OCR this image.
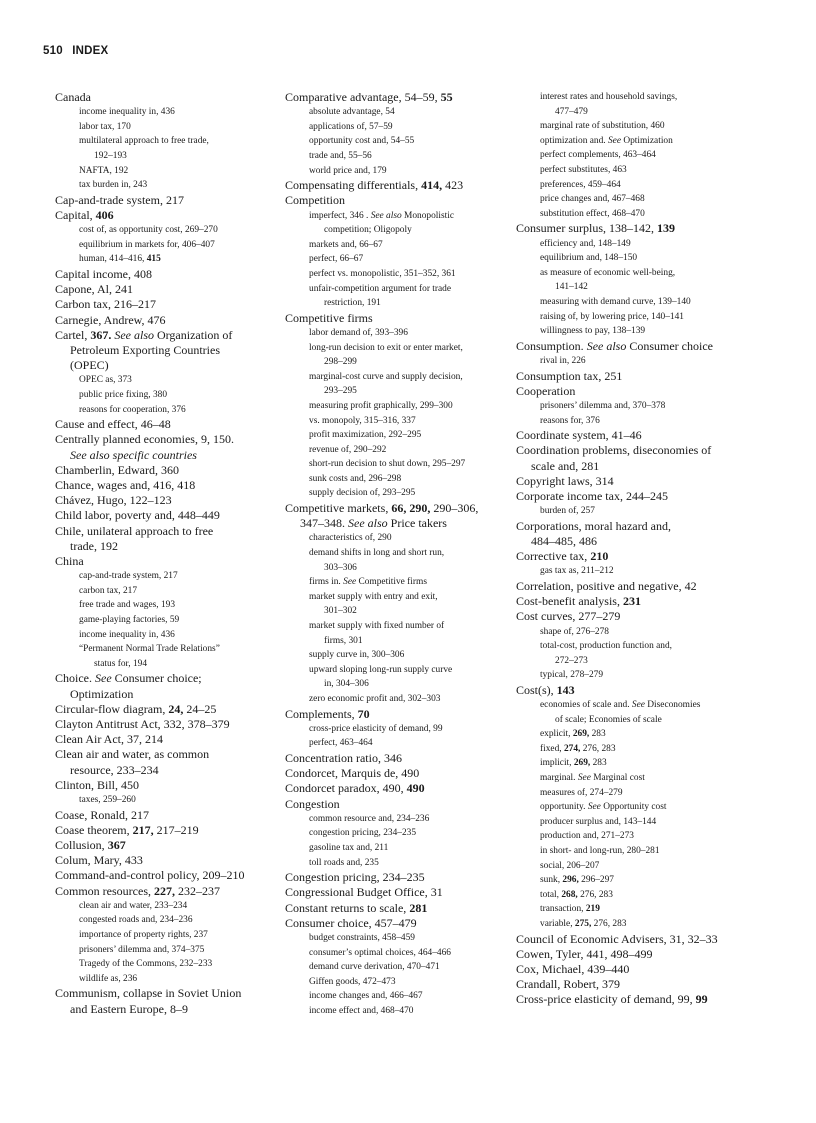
510 INDEX
Canada
income inequality in, 436
labor tax, 170
multilateral approach to free trade,
192–193
NAFTA, 192
tax burden in, 243
Cap-and-trade system, 217
Capital, 406
cost of, as opportunity cost, 269–270
equilibrium in markets for, 406–407
human, 414–416, 415
Capital income, 408
Capone, Al, 241
Carbon tax, 216–217
Carnegie, Andrew, 476
Cartel, 367. See also Organization of
Petroleum Exporting Countries
(OPEC)
OPEC as, 373
public price fixing, 380
reasons for cooperation, 376
Cause and effect, 46–48
Centrally planned economies, 9, 150.
See also specific countries
Chamberlin, Edward, 360
Chance, wages and, 416, 418
Chávez, Hugo, 122–123
Child labor, poverty and, 448–449
Chile, unilateral approach to free
trade, 192
China
cap-and-trade system, 217
carbon tax, 217
free trade and wages, 193
game-playing factories, 59
income inequality in, 436
“Permanent Normal Trade Relations”
status for, 194
Choice. See Consumer choice;
Optimization
Circular-flow diagram, 24, 24–25
Clayton Antitrust Act, 332, 378–379
Clean Air Act, 37, 214
Clean air and water, as common
resource, 233–234
Clinton, Bill, 450
taxes, 259–260
Coase, Ronald, 217
Coase theorem, 217, 217–219
Collusion, 367
Colum, Mary, 433
Command-and-control policy, 209–210
Common resources, 227, 232–237
clean air and water, 233–234
congested roads and, 234–236
importance of property rights, 237
prisoners’ dilemma and, 374–375
Tragedy of the Commons, 232–233
wildlife as, 236
Communism, collapse in Soviet Union
and Eastern Europe, 8–9
Comparative advantage, 54–59, 55
absolute advantage, 54
applications of, 57–59
opportunity cost and, 54–55
trade and, 55–56
world price and, 179
Compensating differentials, 414, 423
Competition
imperfect, 346 . See also Monopolistic
competition; Oligopoly
markets and, 66–67
perfect, 66–67
perfect vs. monopolistic, 351–352, 361
unfair-competition argument for trade
restriction, 191
Competitive firms
labor demand of, 393–396
long-run decision to exit or enter market,
298–299
marginal-cost curve and supply decision,
293–295
measuring profit graphically, 299–300
vs. monopoly, 315–316, 337
profit maximization, 292–295
revenue of, 290–292
short-run decision to shut down, 295–297
sunk costs and, 296–298
supply decision of, 293–295
Competitive markets, 66, 290, 290–306,
347–348. See also Price takers
characteristics of, 290
demand shifts in long and short run,
303–306
firms in. See Competitive firms
market supply with entry and exit,
301–302
market supply with fixed number of
firms, 301
supply curve in, 300–306
upward sloping long-run supply curve
in, 304–306
zero economic profit and, 302–303
Complements, 70
cross-price elasticity of demand, 99
perfect, 463–464
Concentration ratio, 346
Condorcet, Marquis de, 490
Condorcet paradox, 490, 490
Congestion
common resource and, 234–236
congestion pricing, 234–235
gasoline tax and, 211
toll roads and, 235
Congestion pricing, 234–235
Congressional Budget Office, 31
Constant returns to scale, 281
Consumer choice, 457–479
budget constraints, 458–459
consumer’s optimal choices, 464–466
demand curve derivation, 470–471
Giffen goods, 472–473
income changes and, 466–467
income effect and, 468–470
interest rates and household savings,
477–479
marginal rate of substitution, 460
optimization and. See Optimization
perfect complements, 463–464
perfect substitutes, 463
preferences, 459–464
price changes and, 467–468
substitution effect, 468–470
Consumer surplus, 138–142, 139
efficiency and, 148–149
equilibrium and, 148–150
as measure of economic well-being,
141–142
measuring with demand curve, 139–140
raising of, by lowering price, 140–141
willingness to pay, 138–139
Consumption. See also Consumer choice
rival in, 226
Consumption tax, 251
Cooperation
prisoners’ dilemma and, 370–378
reasons for, 376
Coordinate system, 41–46
Coordination problems, diseconomies of
scale and, 281
Copyright laws, 314
Corporate income tax, 244–245
burden of, 257
Corporations, moral hazard and,
484–485, 486
Corrective tax, 210
gas tax as, 211–212
Correlation, positive and negative, 42
Cost-benefit analysis, 231
Cost curves, 277–279
shape of, 276–278
total-cost, production function and,
272–273
typical, 278–279
Cost(s), 143
economies of scale and. See Diseconomies
of scale; Economies of scale
explicit, 269, 283
fixed, 274, 276, 283
implicit, 269, 283
marginal. See Marginal cost
measures of, 274–279
opportunity. See Opportunity cost
producer surplus and, 143–144
production and, 271–273
in short- and long-run, 280–281
social, 206–207
sunk, 296, 296–297
total, 268, 276, 283
transaction, 219
variable, 275, 276, 283
Council of Economic Advisers, 31, 32–33
Cowen, Tyler, 441, 498–499
Cox, Michael, 439–440
Crandall, Robert, 379
Cross-price elasticity of demand, 99, 99
